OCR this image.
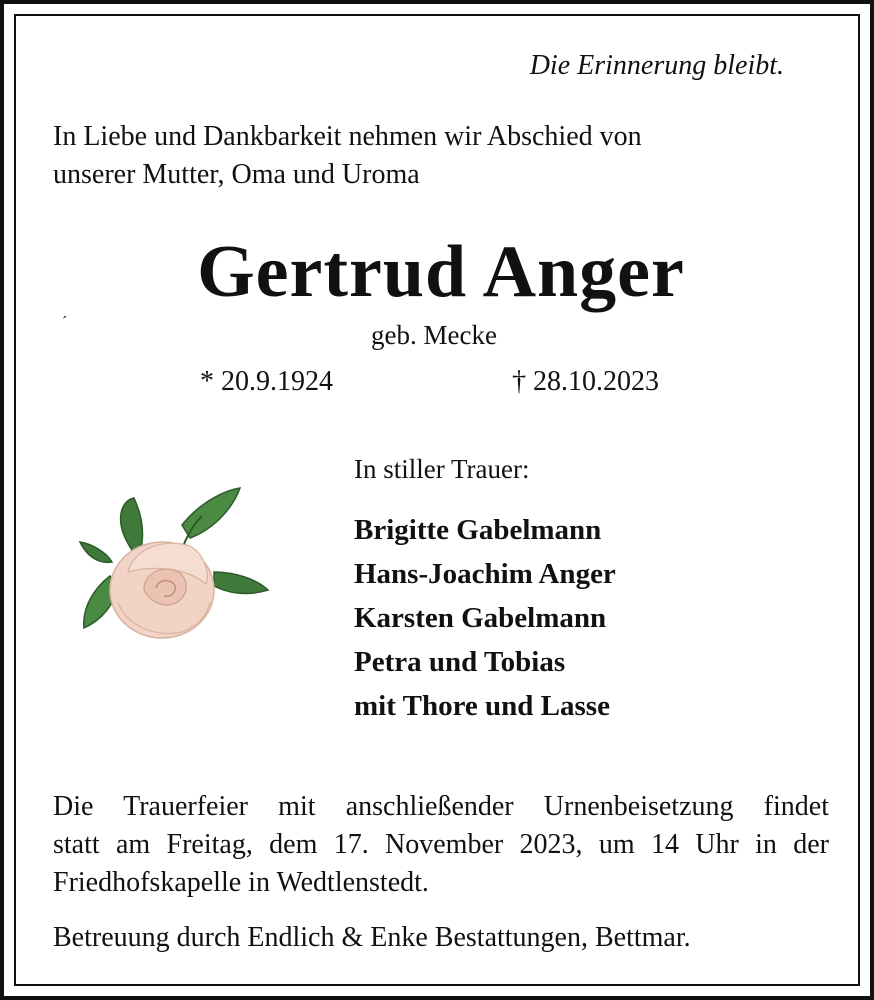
Die Erinnerung bleibt.
In Liebe und Dankbarkeit nehmen wir Abschied von
unserer Mutter, Oma und Uroma
Gertrud Anger
´	geb. Mecke
* 20.9.1924	† 28.10.2023
In stiller Trauer:
Brigitte Gabelmann
Hans-Joachim Anger
Karsten Gabelmann
Petra und Tobias
mit Thore und Lasse
Die Trauerfeier mit anschließender Urnenbeisetzung findet
statt am Freitag, dem 17. November 2023, um 14 Uhr in der
Friedhofskapelle in Wedtlenstedt.
Betreuung durch Endlich & Enke Bestattungen, Bettmar.
